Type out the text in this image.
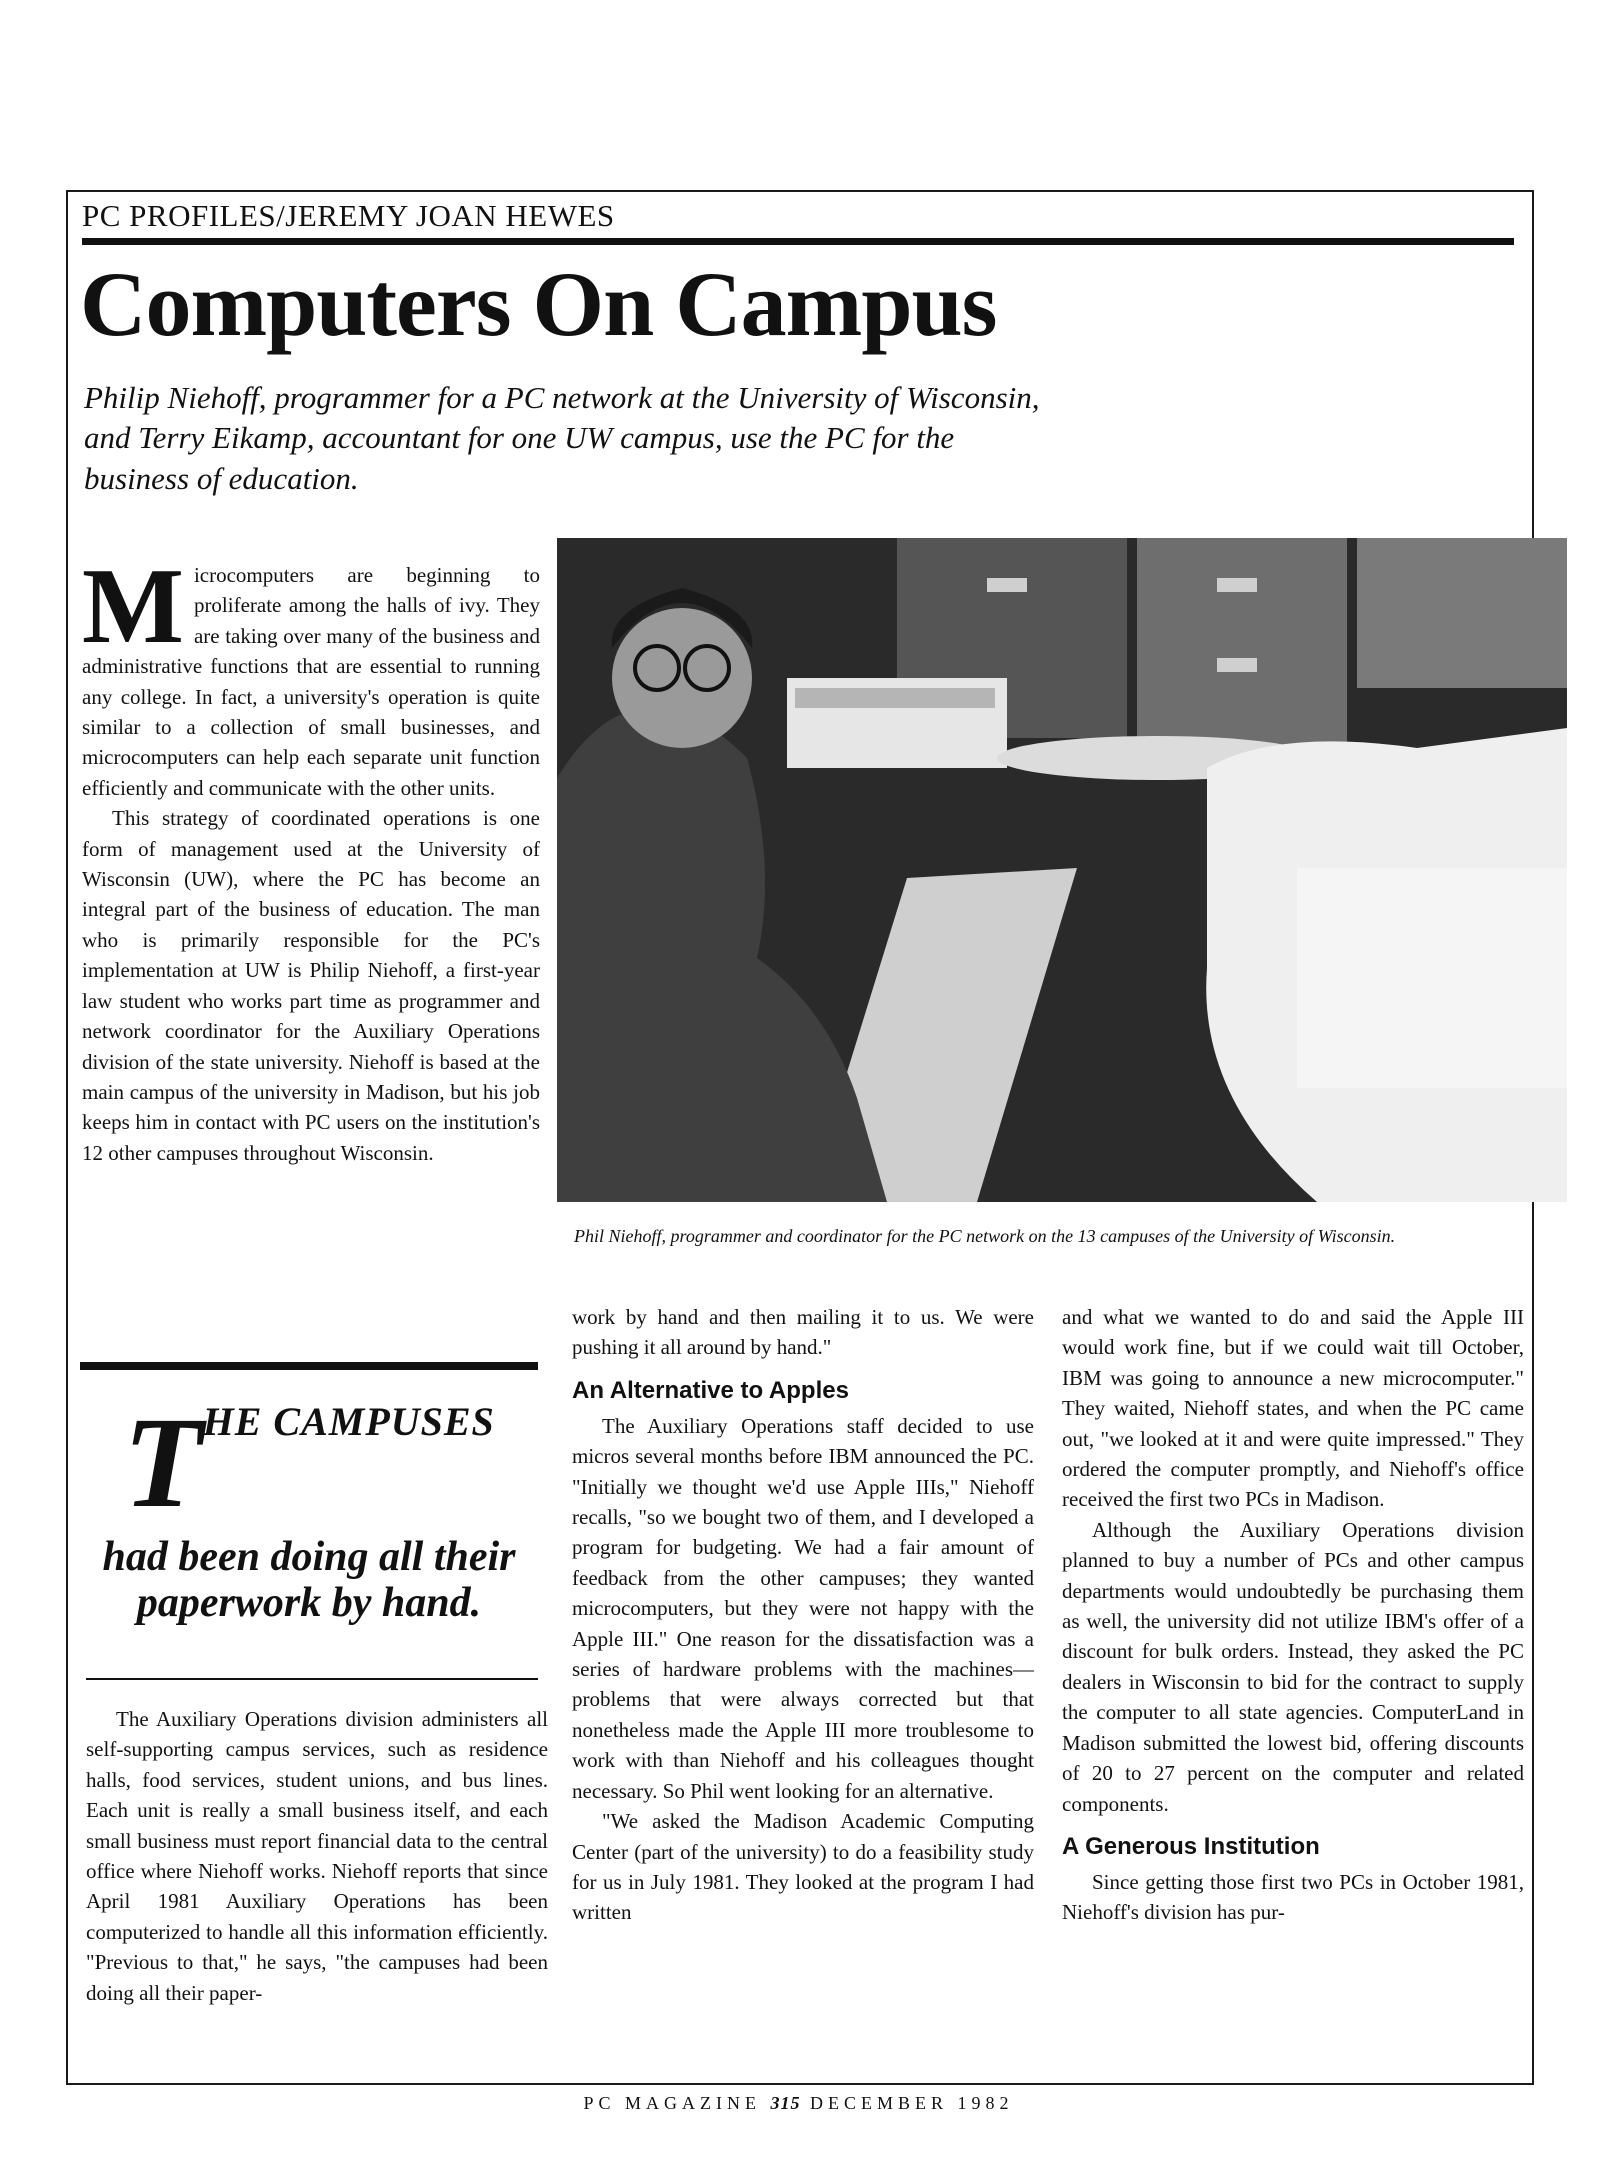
PC PROFILES/JEREMY JOAN HEWES
Computers On Campus
Philip Niehoff, programmer for a PC network at the University of Wisconsin, and Terry Eikamp, accountant for one UW campus, use the PC for the business of education.

Microcomputers are beginning to proliferate among the halls of ivy. They are taking over many of the business and administrative functions that are essential to running any college. In fact, a university's operation is quite similar to a collection of small businesses, and microcomputers can help each separate unit function efficiently and communicate with the other units.

This strategy of coordinated operations is one form of management used at the University of Wisconsin (UW), where the PC has become an integral part of the business of education. The man who is primarily responsible for the PC's implementation at UW is Philip Niehoff, a first-year law student who works part time as programmer and network coordinator for the Auxiliary Operations division of the state university. Niehoff is based at the main campus of the university in Madison, but his job keeps him in contact with PC users on the institution's 12 other campuses throughout Wisconsin.

Phil Niehoff, programmer and coordinator for the PC network on the 13 campuses of the University of Wisconsin.
THE CAMPUSES
had been doing all their paperwork by hand.

The Auxiliary Operations division administers all self-supporting campus services, such as residence halls, food services, student unions, and bus lines. Each unit is really a small business itself, and each small business must report financial data to the central office where Niehoff works. Niehoff reports that since April 1981 Auxiliary Operations has been computerized to handle all this information efficiently. "Previous to that," he says, "the campuses had been doing all their paper-

work by hand and then mailing it to us. We were pushing it all around by hand."

An Alternative to Apples

The Auxiliary Operations staff decided to use micros several months before IBM announced the PC. "Initially we thought we'd use Apple IIIs," Niehoff recalls, "so we bought two of them, and I developed a program for budgeting. We had a fair amount of feedback from the other campuses; they wanted microcomputers, but they were not happy with the Apple III." One reason for the dissatisfaction was a series of hardware problems with the machines—problems that were always corrected but that nonetheless made the Apple III more troublesome to work with than Niehoff and his colleagues thought necessary. So Phil went looking for an alternative.

"We asked the Madison Academic Computing Center (part of the university) to do a feasibility study for us in July 1981. They looked at the program I had written

and what we wanted to do and said the Apple III would work fine, but if we could wait till October, IBM was going to announce a new microcomputer." They waited, Niehoff states, and when the PC came out, "we looked at it and were quite impressed." They ordered the computer promptly, and Niehoff's office received the first two PCs in Madison.

Although the Auxiliary Operations division planned to buy a number of PCs and other campus departments would undoubtedly be purchasing them as well, the university did not utilize IBM's offer of a discount for bulk orders. Instead, they asked the PC dealers in Wisconsin to bid for the contract to supply the computer to all state agencies. ComputerLand in Madison submitted the lowest bid, offering discounts of 20 to 27 percent on the computer and related components.

A Generous Institution

Since getting those first two PCs in October 1981, Niehoff's division has pur-

PC MAGAZINE 315 DECEMBER 1982
